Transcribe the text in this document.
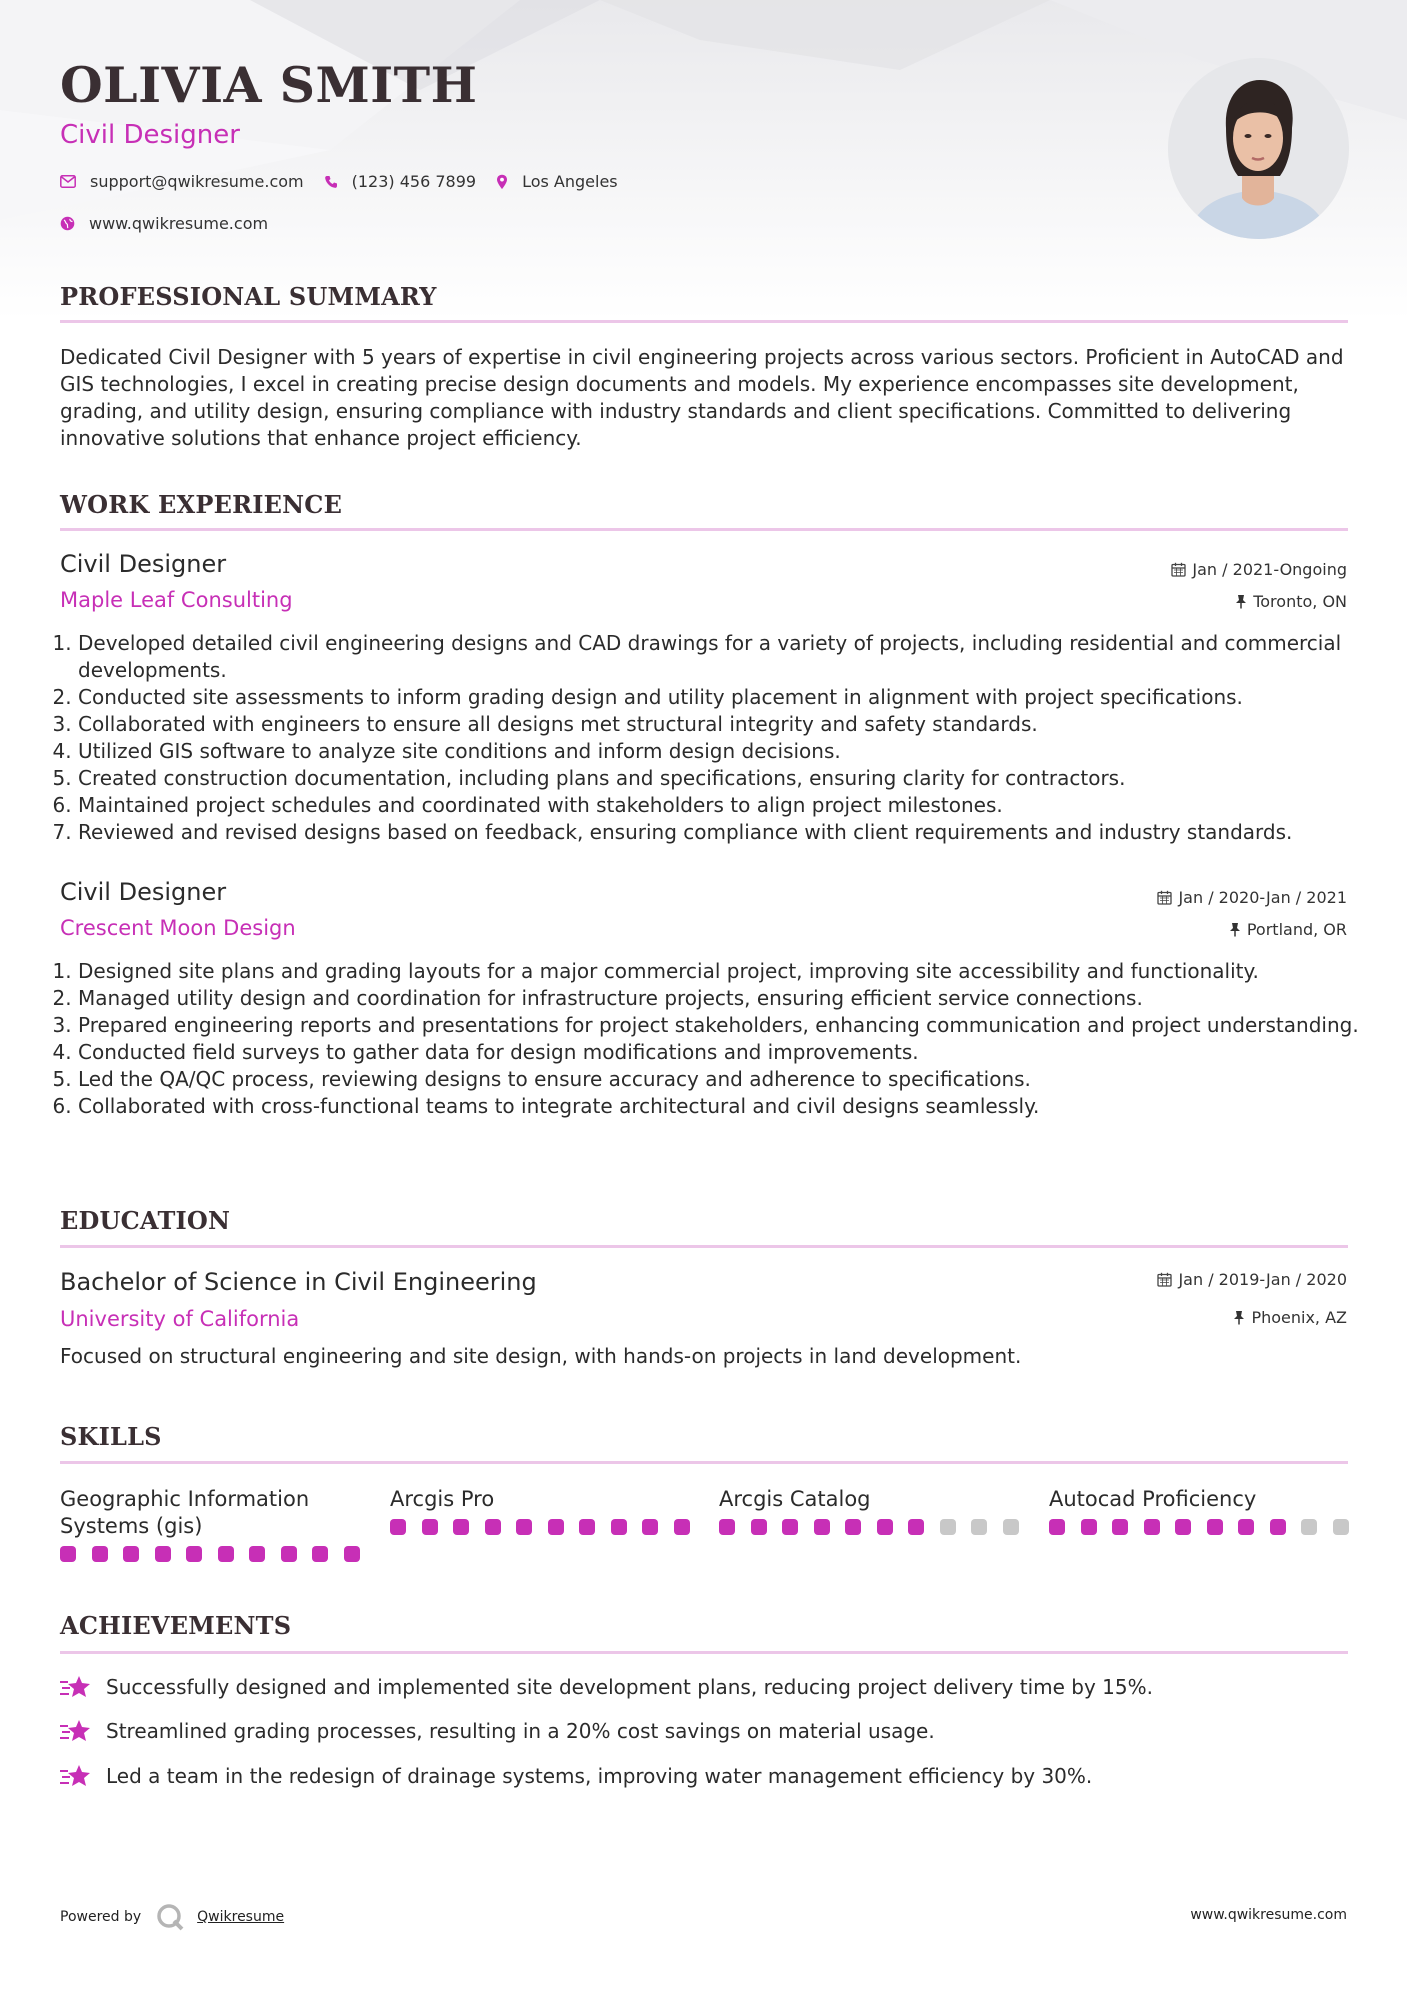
OLIVIA SMITH
Civil Designer
support@qwikresume.com	(123) 456 7899	Los Angeles
www.qwikresume.com
PROFESSIONAL SUMMARY
Dedicated Civil Designer with 5 years of expertise in civil engineering projects across various sectors. Proficient in AutoCAD and GIS technologies, I excel in creating precise design documents and models. My experience encompasses site development, grading, and utility design, ensuring compliance with industry standards and client specifications. Committed to delivering innovative solutions that enhance project efficiency.
WORK EXPERIENCE
Civil Designer
Maple Leaf Consulting
Jan / 2021-Ongoing
Toronto, ON
1. Developed detailed civil engineering designs and CAD drawings for a variety of projects, including residential and commercial developments.
2. Conducted site assessments to inform grading design and utility placement in alignment with project specifications.
3. Collaborated with engineers to ensure all designs met structural integrity and safety standards.
4. Utilized GIS software to analyze site conditions and inform design decisions.
5. Created construction documentation, including plans and specifications, ensuring clarity for contractors.
6. Maintained project schedules and coordinated with stakeholders to align project milestones.
7. Reviewed and revised designs based on feedback, ensuring compliance with client requirements and industry standards.
Civil Designer
Crescent Moon Design
Jan / 2020-Jan / 2021
Portland, OR
1. Designed site plans and grading layouts for a major commercial project, improving site accessibility and functionality.
2. Managed utility design and coordination for infrastructure projects, ensuring efficient service connections.
3. Prepared engineering reports and presentations for project stakeholders, enhancing communication and project understanding.
4. Conducted field surveys to gather data for design modifications and improvements.
5. Led the QA/QC process, reviewing designs to ensure accuracy and adherence to specifications.
6. Collaborated with cross-functional teams to integrate architectural and civil designs seamlessly.
EDUCATION
Bachelor of Science in Civil Engineering
University of California
Jan / 2019-Jan / 2020
Phoenix, AZ
Focused on structural engineering and site design, with hands-on projects in land development.
SKILLS
Geographic Information Systems (gis)
Arcgis Pro	Arcgis Catalog	Autocad Proficiency
ACHIEVEMENTS
Successfully designed and implemented site development plans, reducing project delivery time by 15%.
Streamlined grading processes, resulting in a 20% cost savings on material usage.
Led a team in the redesign of drainage systems, improving water management efficiency by 30%.
Powered by	Qwikresume	www.qwikresume.com
